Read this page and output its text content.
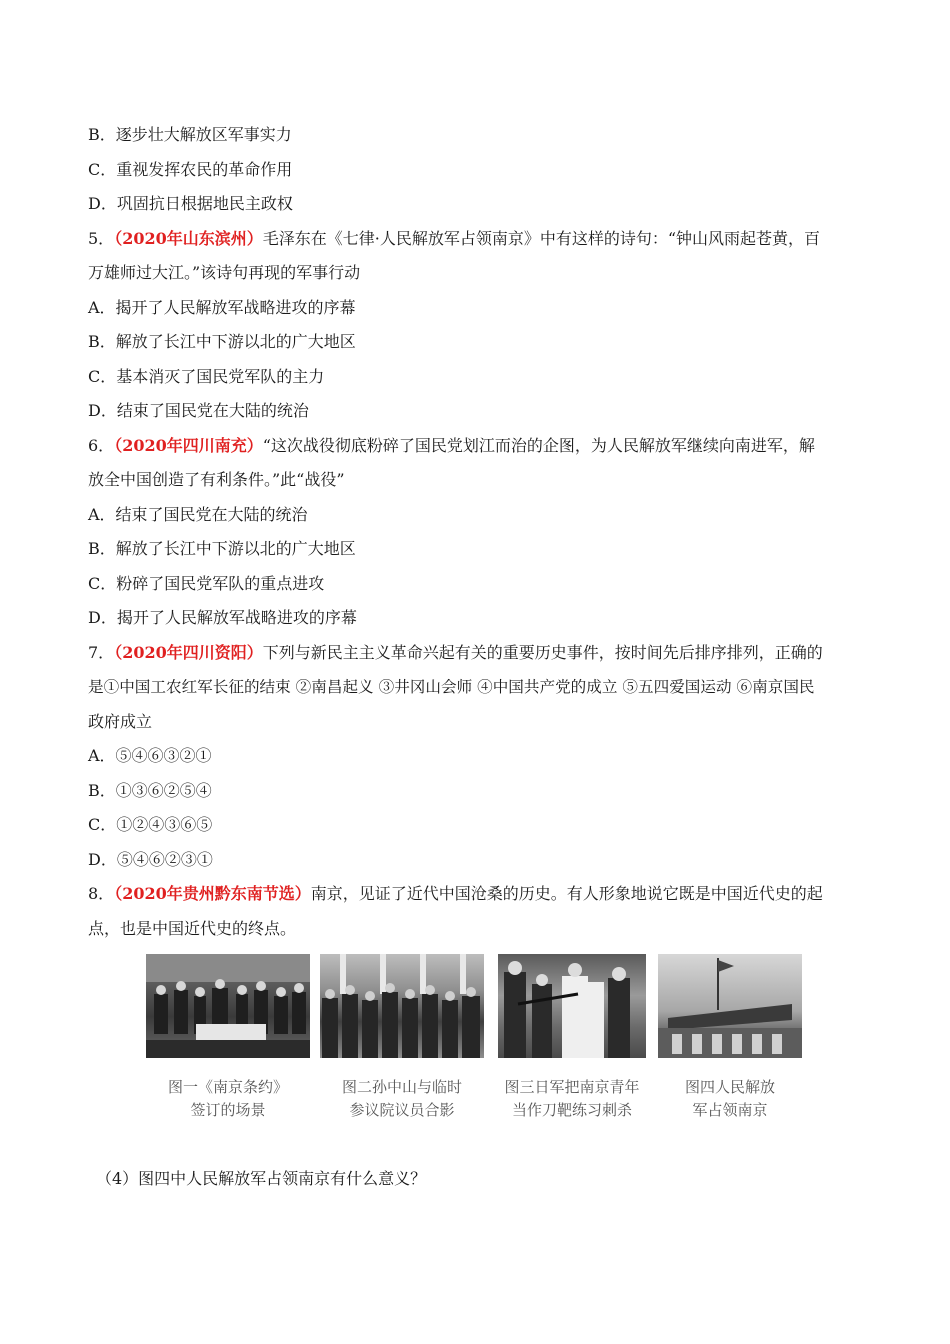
B．逐步壮大解放区军事实力
C．重视发挥农民的革命作用
D．巩固抗日根据地民主政权
5．（2020年山东滨州）毛泽东在《七律·人民解放军占领南京》中有这样的诗句：“钟山风雨起苍黄，百
万雄师过大江。”该诗句再现的军事行动
A．揭开了人民解放军战略进攻的序幕
B．解放了长江中下游以北的广大地区
C．基本消灭了国民党军队的主力
D．结束了国民党在大陆的统治
6．（2020年四川南充）“这次战役彻底粉碎了国民党划江而治的企图，为人民解放军继续向南进军，解
放全中国创造了有利条件。”此“战役”
A．结束了国民党在大陆的统治
B．解放了长江中下游以北的广大地区
C．粉碎了国民党军队的重点进攻
D．揭开了人民解放军战略进攻的序幕
7．（2020年四川资阳）下列与新民主主义革命兴起有关的重要历史事件，按时间先后排序排列，正确的
是①中国工农红军长征的结束 ②南昌起义 ③井冈山会师 ④中国共产党的成立 ⑤五四爱国运动 ⑥南京国民
政府成立
A．⑤④⑥③②①
B．①③⑥②⑤④
C．①②④③⑥⑤
D．⑤④⑥②③①
8．（2020年贵州黔东南节选）南京，见证了近代中国沧桑的历史。有人形象地说它既是中国近代史的起
点，也是中国近代史的终点。
图一《南京条约》
签订的场景
图二孙中山与临时
参议院议员合影
图三日军把南京青年
当作刀靶练习刺杀
图四人民解放
军占领南京
（4）图四中人民解放军占领南京有什么意义？
